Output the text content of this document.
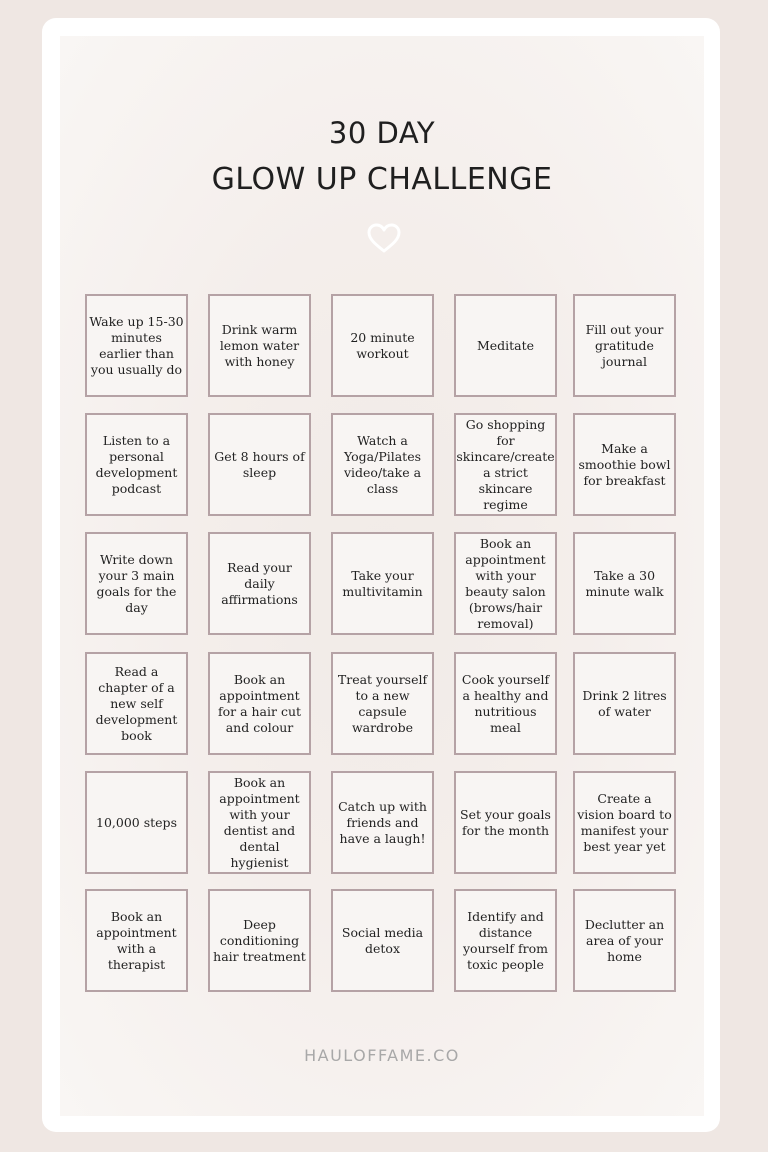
30 DAY
GLOW UP CHALLENGE
Wake up 15-30 minutes earlier than you usually do
Drink warm lemon water with honey
20 minute workout
Meditate
Fill out your gratitude journal
Listen to a personal development podcast
Get 8 hours of sleep
Watch a Yoga/Pilates video/take a class
Go shopping for skincare/create a strict skincare regime
Make a smoothie bowl for breakfast
Write down your 3 main goals for the day
Read your daily affirmations
Take your multivitamin
Book an appointment with your beauty salon (brows/hair removal)
Take a 30 minute walk
Read a chapter of a new self development book
Book an appointment for a hair cut and colour
Treat yourself to a new capsule wardrobe
Cook yourself a healthy and nutritious meal
Drink 2 litres of water
10,000 steps
Book an appointment with your dentist and dental hygienist
Catch up with friends and have a laugh!
Set your goals for the month
Create a vision board to manifest your best year yet
Book an appointment with a therapist
Deep conditioning hair treatment
Social media detox
Identify and distance yourself from toxic people
Declutter an area of your home
HAULOFFAME.CO
